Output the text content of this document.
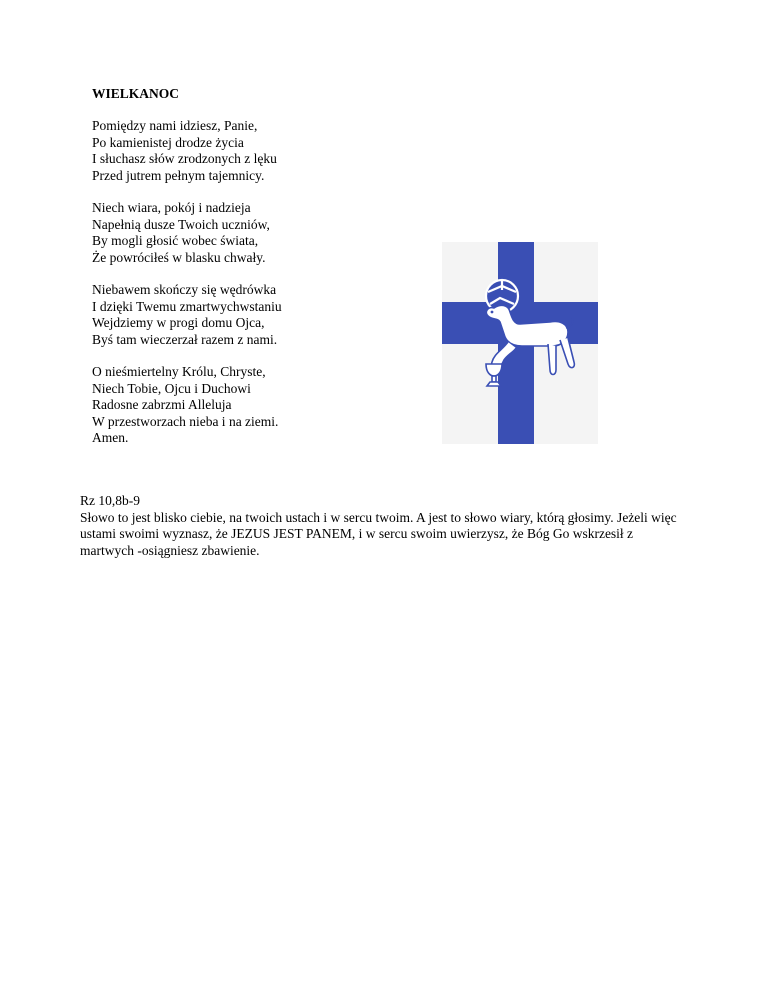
WIELKANOC
Pomiędzy nami idziesz, Panie,
Po kamienistej drodze życia
I słuchasz słów zrodzonych z lęku
Przed jutrem pełnym tajemnicy.
Niech wiara, pokój i nadzieja
Napełnią dusze Twoich uczniów,
By mogli głosić wobec świata,
Że powróciłeś w blasku chwały.
Niebawem skończy się wędrówka
I dzięki Twemu zmartwychwstaniu
Wejdziemy w progi domu Ojca,
Byś tam wieczerzał razem z nami.
O nieśmiertelny Królu, Chryste,
Niech Tobie, Ojcu i Duchowi
Radosne zabrzmi Alleluja
W przestworzach nieba i na ziemi.
Amen.

Rz 10,8b-9
Słowo to jest blisko ciebie, na twoich ustach i w sercu twoim. A jest to słowo wiary, którą głosimy. Jeżeli więc ustami swoimi wyznasz, że JEZUS JEST PANEM, i w sercu swoim uwierzysz, że Bóg Go wskrzesił z martwych -osiągniesz zbawienie.
